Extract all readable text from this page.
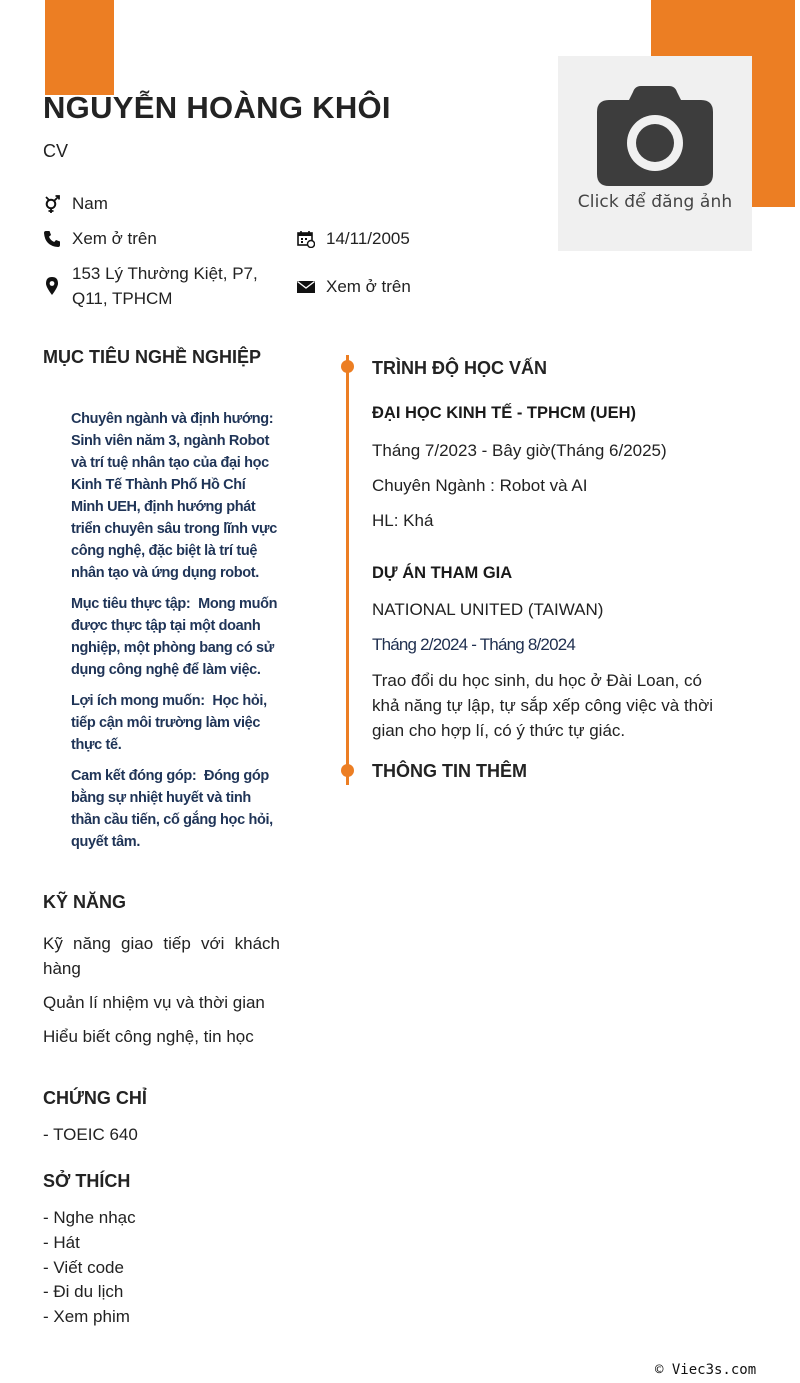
Click để đăng ảnh
NGUYỄN HOÀNG KHÔI
CV
Nam
Xem ở trên	14/11/2005
153 Lý Thường Kiệt, P7, Q11, TPHCM
Xem ở trên
MỤC TIÊU NGHỀ NGHIỆP

Chuyên ngành và định hướng: Sinh viên năm 3, ngành Robot và trí tuệ nhân tạo của đại học Kinh Tế Thành Phố Hồ Chí Minh UEH, định hướng phát triển chuyên sâu trong lĩnh vực công nghệ, đặc biệt là trí tuệ nhân tạo và ứng dụng robot.

Mục tiêu thực tập: Mong muốn được thực tập tại một doanh nghiệp, một phòng bang có sử dụng công nghệ để làm việc.

Lợi ích mong muốn: Học hỏi, tiếp cận môi trường làm việc thực tế.

Cam kết đóng góp: Đóng góp bằng sự nhiệt huyết và tinh thần cầu tiến, cố gắng học hỏi, quyết tâm.

KỸ NĂNG
Kỹ năng giao tiếp với khách hàng
Quản lí nhiệm vụ và thời gian
Hiểu biết công nghệ, tin học
CHỨNG CHỈ
- TOEIC 640
SỞ THÍCH
- Nghe nhạc
- Hát
- Viết code
- Đi du lịch
- Xem phim
TRÌNH ĐỘ HỌC VẤN
ĐẠI HỌC KINH TẾ - TPHCM (UEH)
Tháng 7/2023 - Bây giờ(Tháng 6/2025)
Chuyên Ngành : Robot và AI
HL: Khá
DỰ ÁN THAM GIA
NATIONAL UNITED (TAIWAN)
Tháng 2/2024 - Tháng 8/2024
Trao đổi du học sinh, du học ở Đài Loan, có khả năng tự lập, tự sắp xếp công việc và thời gian cho hợp lí, có ý thức tự giác.
THÔNG TIN THÊM
© Viec3s.com
